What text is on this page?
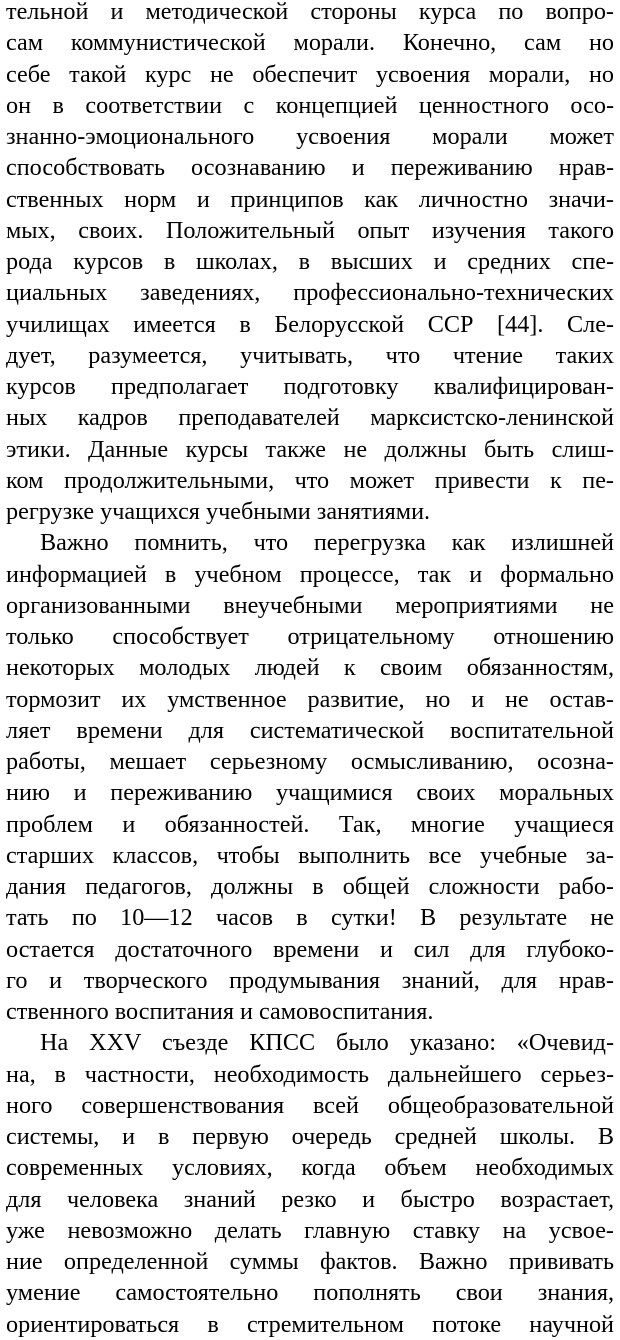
тельной и методической стороны курса по вопро-
сам коммунистической морали. Конечно, сам но
себе такой курс не обеспечит усвоения морали, но
он в соответствии с концепцией ценностного осо-
знанно-эмоционального усвоения морали может
способствовать осознаванию и переживанию нрав-
ственных норм и принципов как личностно значи-
мых, своих. Положительный опыт изучения такого
рода курсов в школах, в высших и средних спе-
циальных заведениях, профессионально-технических
училищах имеется в Белорусской ССР [44]. Сле-
дует, разумеется, учитывать, что чтение таких
курсов предполагает подготовку квалифицирован-
ных кадров преподавателей марксистско-ленинской
этики. Данные курсы также не должны быть слиш-
ком продолжительными, что может привести к пе-
регрузке учащихся учебными занятиями.
Важно помнить, что перегрузка как излишней
информацией в учебном процессе, так и формально
организованными внеучебными мероприятиями не
только способствует отрицательному отношению
некоторых молодых людей к своим обязанностям,
тормозит их умственное развитие, но и не остав-
ляет времени для систематической воспитательной
работы, мешает серьезному осмысливанию, осозна-
нию и переживанию учащимися своих моральных
проблем и обязанностей. Так, многие учащиеся
старших классов, чтобы выполнить все учебные за-
дания педагогов, должны в общей сложности рабо-
тать по 10—12 часов в сутки! В результате не
остается достаточного времени и сил для глубоко-
го и творческого продумывания знаний, для нрав-
ственного воспитания и самовоспитания.
На XXV съезде КПСС было указано: «Очевид-
на, в частности, необходимость дальнейшего серьез-
ного совершенствования всей общеобразовательной
системы, и в первую очередь средней школы. В
современных условиях, когда объем необходимых
для человека знаний резко и быстро возрастает,
уже невозможно делать главную ставку на усвое-
ние определенной суммы фактов. Важно прививать
умение самостоятельно пополнять свои знания,
ориентироваться в стремительном потоке научной
